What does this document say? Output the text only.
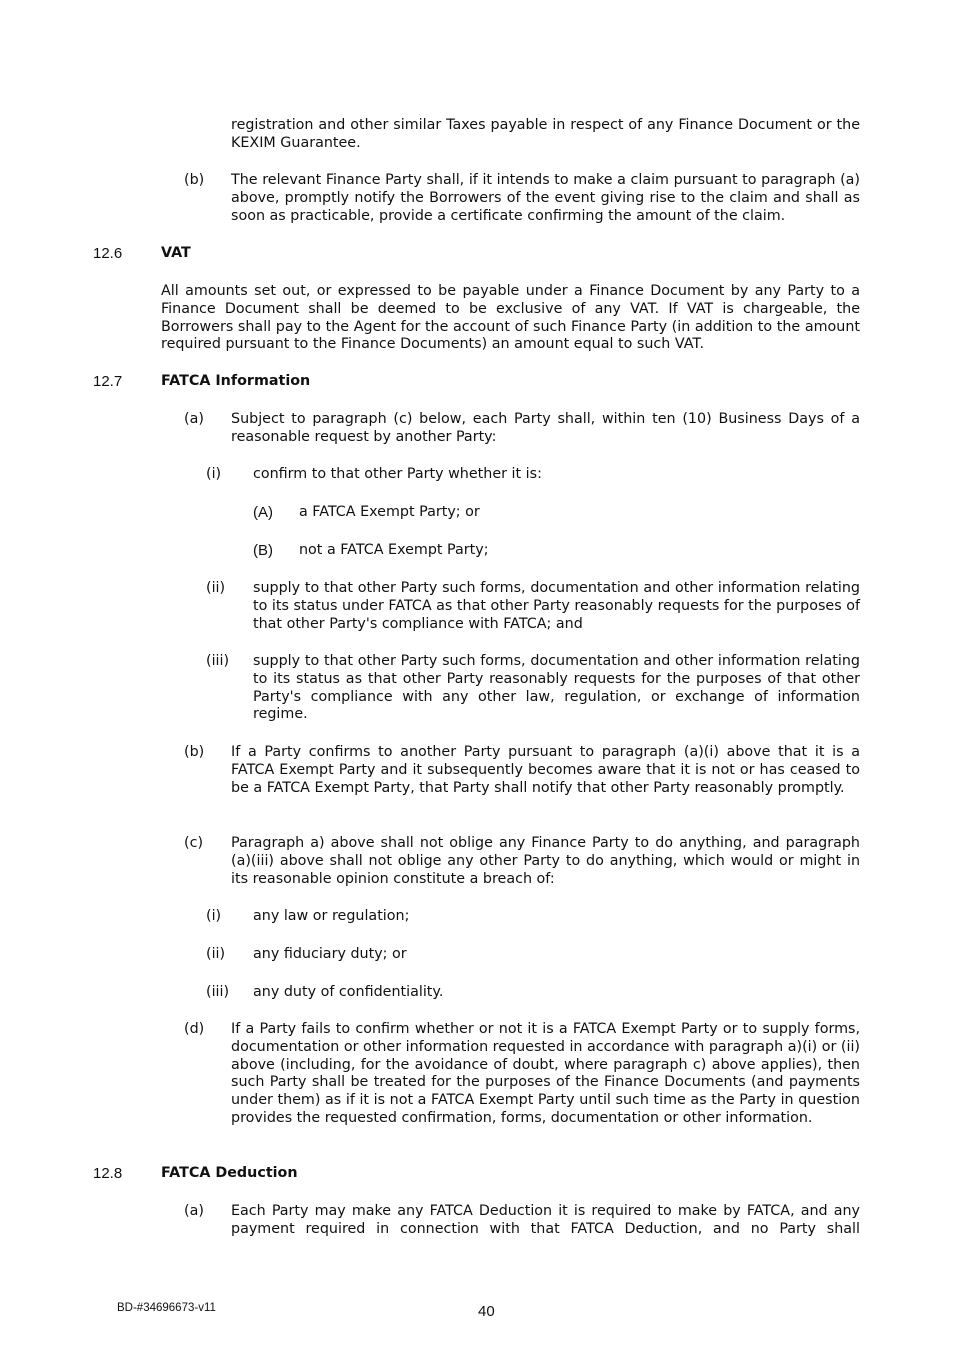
registration and other similar Taxes payable in respect of any Finance Document or the KEXIM Guarantee.
(b) The relevant Finance Party shall, if it intends to make a claim pursuant to paragraph (a) above, promptly notify the Borrowers of the event giving rise to the claim and shall as soon as practicable, provide a certificate confirming the amount of the claim.
12.6	VAT
All amounts set out, or expressed to be payable under a Finance Document by any Party to a Finance Document shall be deemed to be exclusive of any VAT. If VAT is chargeable, the Borrowers shall pay to the Agent for the account of such Finance Party (in addition to the amount required pursuant to the Finance Documents) an amount equal to such VAT.
12.7	FATCA Information
(a) Subject to paragraph (c) below, each Party shall, within ten (10) Business Days of a reasonable request by another Party:
(i) confirm to that other Party whether it is:
(A) a FATCA Exempt Party; or
(B) not a FATCA Exempt Party;
(ii) supply to that other Party such forms, documentation and other information relating to its status under FATCA as that other Party reasonably requests for the purposes of that other Party's compliance with FATCA; and
(iii) supply to that other Party such forms, documentation and other information relating to its status as that other Party reasonably requests for the purposes of that other Party's compliance with any other law, regulation, or exchange of information regime.
(b) If a Party confirms to another Party pursuant to paragraph (a)(i) above that it is a FATCA Exempt Party and it subsequently becomes aware that it is not or has ceased to be a FATCA Exempt Party, that Party shall notify that other Party reasonably promptly.
(c) Paragraph a) above shall not oblige any Finance Party to do anything, and paragraph (a)(iii) above shall not oblige any other Party to do anything, which would or might in its reasonable opinion constitute a breach of:
(i) any law or regulation;
(ii) any fiduciary duty; or
(iii) any duty of confidentiality.
(d) If a Party fails to confirm whether or not it is a FATCA Exempt Party or to supply forms, documentation or other information requested in accordance with paragraph a)(i) or (ii) above (including, for the avoidance of doubt, where paragraph c) above applies), then such Party shall be treated for the purposes of the Finance Documents (and payments under them) as if it is not a FATCA Exempt Party until such time as the Party in question provides the requested confirmation, forms, documentation or other information.
12.8	FATCA Deduction
(a) Each Party may make any FATCA Deduction it is required to make by FATCA, and any payment required in connection with that FATCA Deduction, and no Party shall
BD-#34696673-v11	40
